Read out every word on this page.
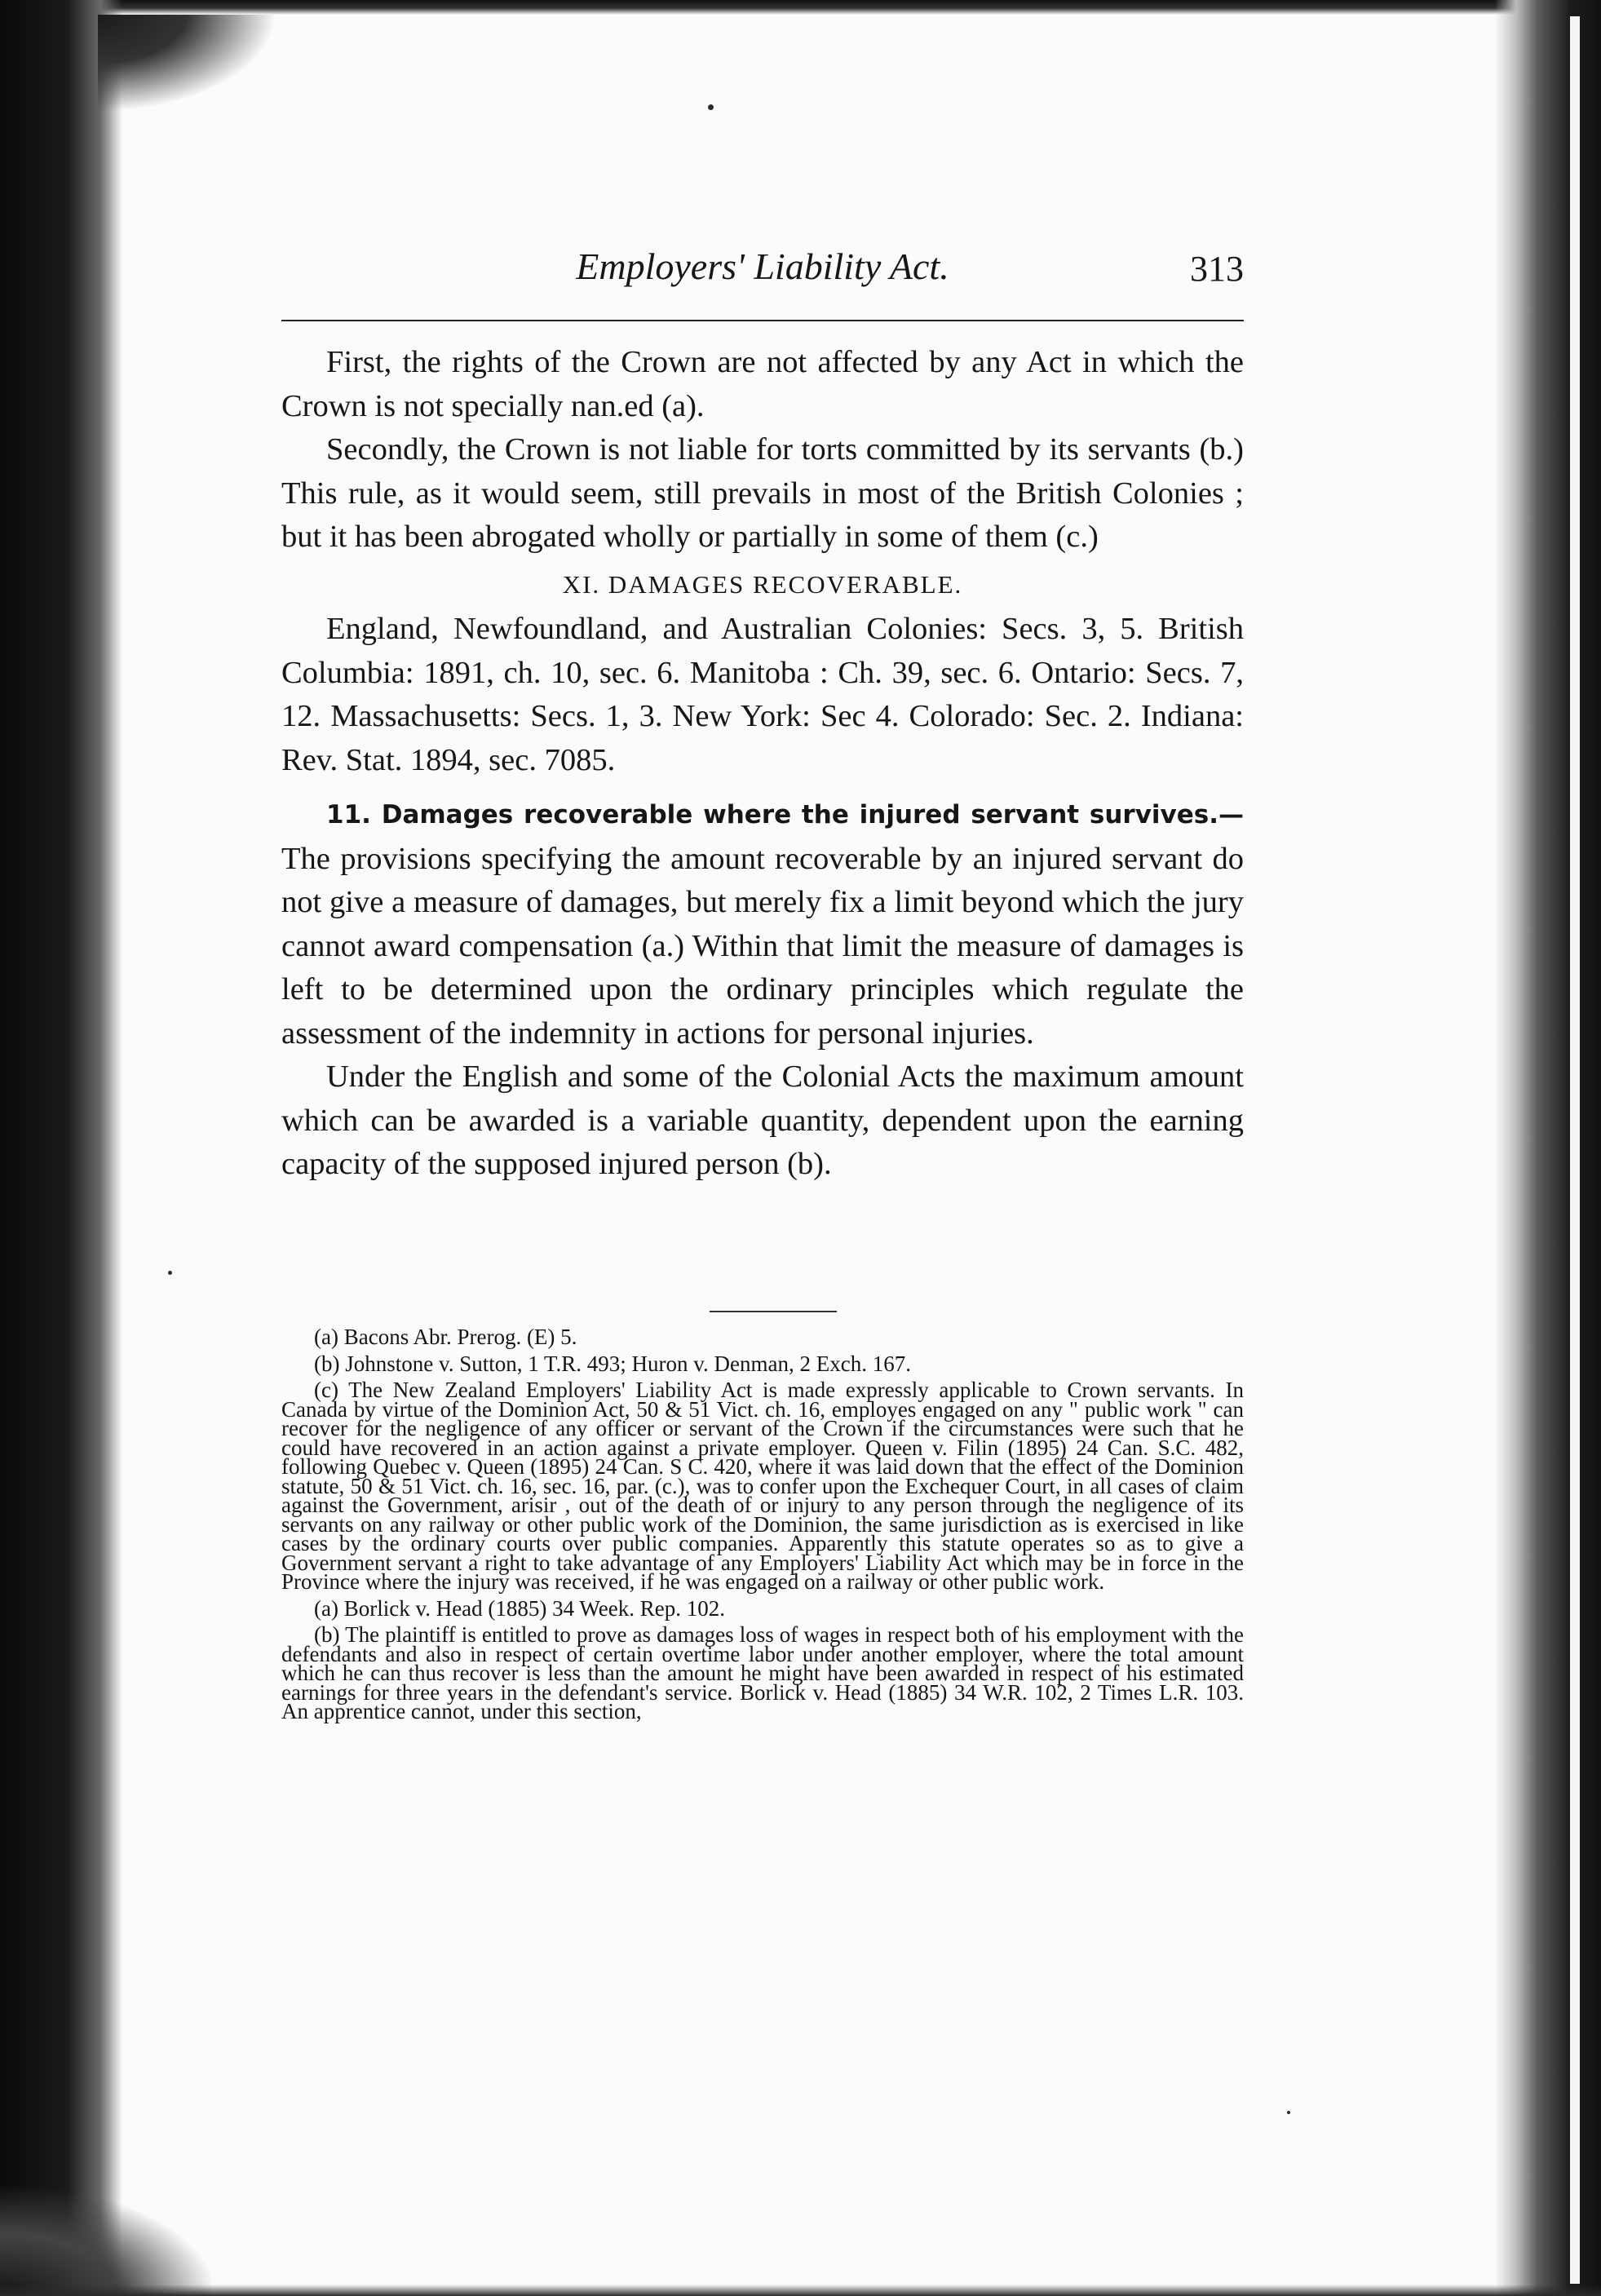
Employers' Liability Act.	313

First, the rights of the Crown are not affected by any Act in which the Crown is not specially nan.ed (a).

Secondly, the Crown is not liable for torts committed by its servants (b.) This rule, as it would seem, still prevails in most of the British Colonies ; but it has been abrogated wholly or partially in some of them (c.)

XI. DAMAGES RECOVERABLE.

England, Newfoundland, and Australian Colonies: Secs. 3, 5. British Columbia: 1891, ch. 10, sec. 6. Manitoba : Ch. 39, sec. 6. Ontario: Secs. 7, 12. Massachusetts: Secs. 1, 3. New York: Sec 4. Colorado: Sec. 2. Indiana: Rev. Stat. 1894, sec. 7085.

11. Damages recoverable where the injured servant survives.— The provisions specifying the amount recoverable by an injured servant do not give a measure of damages, but merely fix a limit beyond which the jury cannot award compensation (a.) Within that limit the measure of damages is left to be determined upon the ordinary principles which regulate the assessment of the indemnity in actions for personal injuries.

Under the English and some of the Colonial Acts the maximum amount which can be awarded is a variable quantity, dependent upon the earning capacity of the supposed injured person (b).

(a) Bacons Abr. Prerog. (E) 5.

(b) Johnstone v. Sutton, 1 T.R. 493; Huron v. Denman, 2 Exch. 167.

(c) The New Zealand Employers' Liability Act is made expressly applicable to Crown servants. In Canada by virtue of the Dominion Act, 50 & 51 Vict. ch. 16, employes engaged on any " public work " can recover for the negligence of any officer or servant of the Crown if the circumstances were such that he could have recovered in an action against a private employer. Queen v. Filin (1895) 24 Can. S.C. 482, following Quebec v. Queen (1895) 24 Can. S C. 420, where it was laid down that the effect of the Dominion statute, 50 & 51 Vict. ch. 16, sec. 16, par. (c.), was to confer upon the Exchequer Court, in all cases of claim against the Government, arisir , out of the death of or injury to any person through the negligence of its servants on any railway or other public work of the Dominion, the same jurisdiction as is exercised in like cases by the ordinary courts over public companies. Apparently this statute operates so as to give a Government servant a right to take advantage of any Employers' Liability Act which may be in force in the Province where the injury was received, if he was engaged on a railway or other public work.

(a) Borlick v. Head (1885) 34 Week. Rep. 102.

(b) The plaintiff is entitled to prove as damages loss of wages in respect both of his employment with the defendants and also in respect of certain overtime labor under another employer, where the total amount which he can thus recover is less than the amount he might have been awarded in respect of his estimated earnings for three years in the defendant's service. Borlick v. Head (1885) 34 W.R. 102, 2 Times L.R. 103. An apprentice cannot, under this section,
